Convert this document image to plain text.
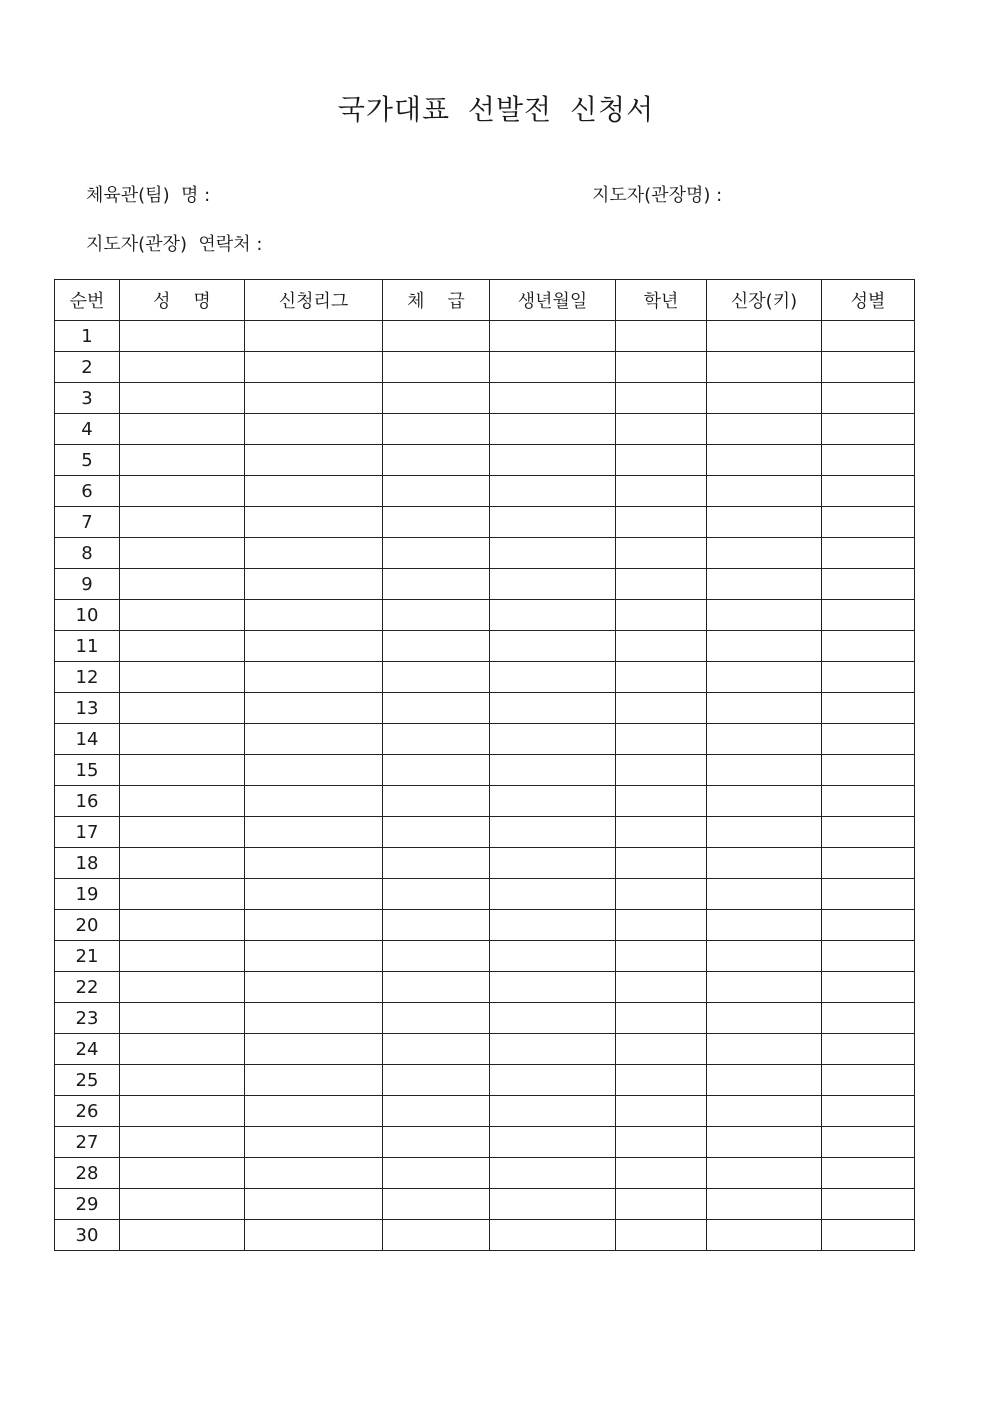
국가대표 선발전 신청서
체육관(팀)  명 :	지도자(관장명) :
지도자(관장)  연락처 :
순번	성    명	신청리그	체    급	생년월일	학년	신장(키)	성별
1							
2							
3							
4							
5							
6							
7							
8							
9							
10							
11							
12							
13							
14							
15							
16							
17							
18							
19							
20							
21							
22							
23							
24							
25							
26							
27							
28							
29							
30							
